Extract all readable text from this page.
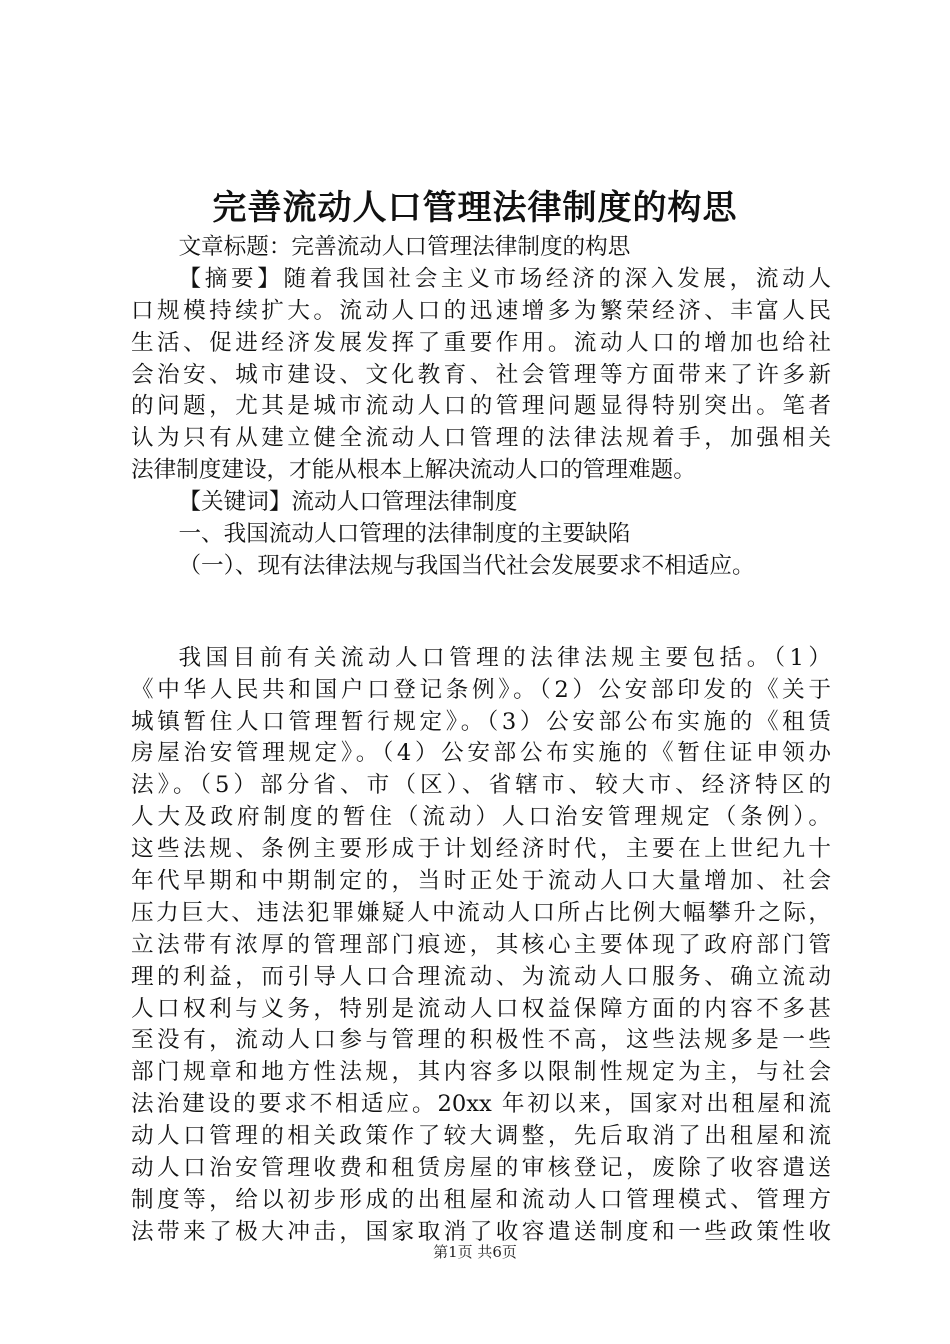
完善流动人口管理法律制度的构思
文章标题：完善流动人口管理法律制度的构思
【摘要】随着我国社会主义市场经济的深入发展，流动人
口规模持续扩大。流动人口的迅速增多为繁荣经济、丰富人民
生活、促进经济发展发挥了重要作用。流动人口的增加也给社
会治安、城市建设、文化教育、社会管理等方面带来了许多新
的问题，尤其是城市流动人口的管理问题显得特别突出。笔者
认为只有从建立健全流动人口管理的法律法规着手，加强相关
法律制度建设，才能从根本上解决流动人口的管理难题。
【关键词】流动人口管理法律制度
一、我国流动人口管理的法律制度的主要缺陷
（一）、现有法律法规与我国当代社会发展要求不相适应。
我国目前有关流动人口管理的法律法规主要包括。（1）
《中华人民共和国户口登记条例》。（2）公安部印发的《关于
城镇暂住人口管理暂行规定》。（3）公安部公布实施的《租赁
房屋治安管理规定》。（4）公安部公布实施的《暂住证申领办
法》。（5）部分省、市（区）、省辖市、较大市、经济特区的
人大及政府制度的暂住（流动）人口治安管理规定（条例）。
这些法规、条例主要形成于计划经济时代，主要在上世纪九十
年代早期和中期制定的，当时正处于流动人口大量增加、社会
压力巨大、违法犯罪嫌疑人中流动人口所占比例大幅攀升之际，
立法带有浓厚的管理部门痕迹，其核心主要体现了政府部门管
理的利益，而引导人口合理流动、为流动人口服务、确立流动
人口权利与义务，特别是流动人口权益保障方面的内容不多甚
至没有，流动人口参与管理的积极性不高，这些法规多是一些
部门规章和地方性法规，其内容多以限制性规定为主，与社会
法治建设的要求不相适应。20xx 年初以来，国家对出租屋和流
动人口管理的相关政策作了较大调整，先后取消了出租屋和流
动人口治安管理收费和租赁房屋的审核登记，废除了收容遣送
制度等，给以初步形成的出租屋和流动人口管理模式、管理方
法带来了极大冲击，国家取消了收容遣送制度和一些政策性收
第1页 共6页
